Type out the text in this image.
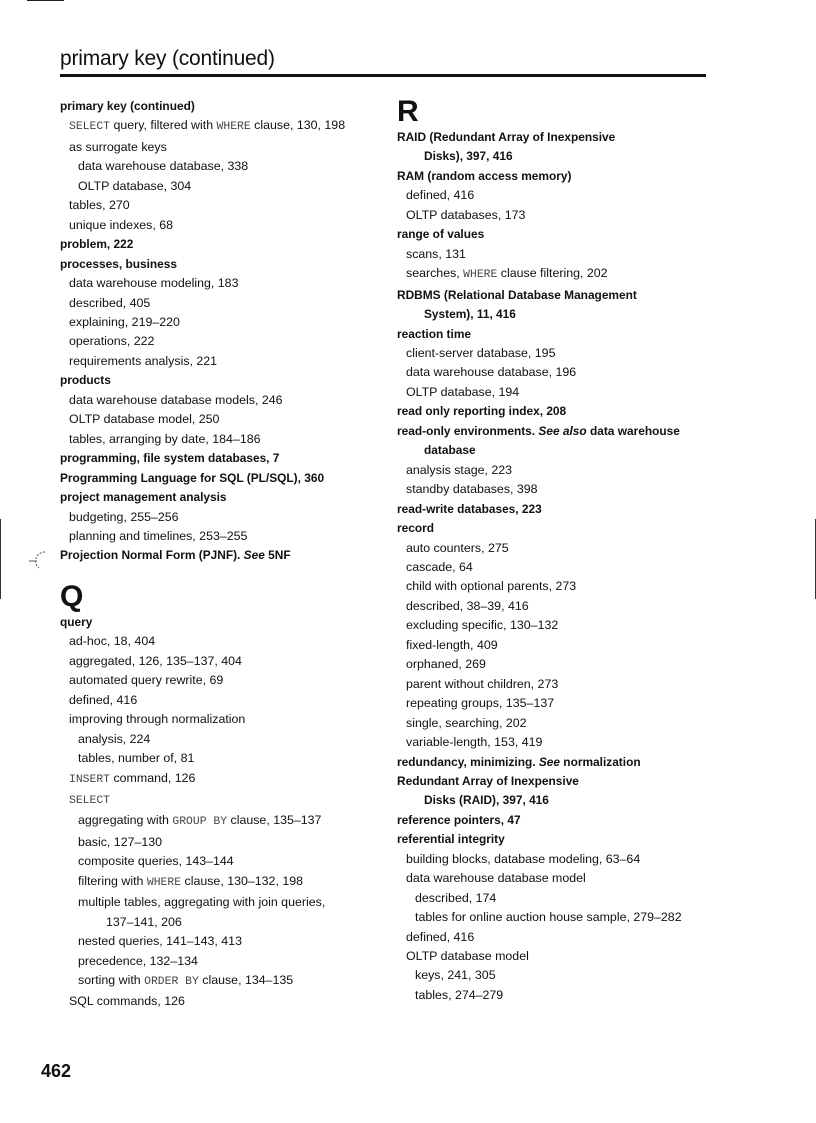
primary key (continued)
primary key (continued)
SELECT query, filtered with WHERE clause, 130, 198
as surrogate keys
data warehouse database, 338
OLTP database, 304
tables, 270
unique indexes, 68
problem, 222
processes, business
data warehouse modeling, 183
described, 405
explaining, 219–220
operations, 222
requirements analysis, 221
products
data warehouse database models, 246
OLTP database model, 250
tables, arranging by date, 184–186
programming, file system databases, 7
Programming Language for SQL (PL/SQL), 360
project management analysis
budgeting, 255–256
planning and timelines, 253–255
Projection Normal Form (PJNF). See 5NF
Q
query
ad-hoc, 18, 404
aggregated, 126, 135–137, 404
automated query rewrite, 69
defined, 416
improving through normalization
analysis, 224
tables, number of, 81
INSERT command, 126
SELECT
aggregating with GROUP BY clause, 135–137
basic, 127–130
composite queries, 143–144
filtering with WHERE clause, 130–132, 198
multiple tables, aggregating with join queries,
137–141, 206
nested queries, 141–143, 413
precedence, 132–134
sorting with ORDER BY clause, 134–135
SQL commands, 126
R
RAID (Redundant Array of Inexpensive
Disks), 397, 416
RAM (random access memory)
defined, 416
OLTP databases, 173
range of values
scans, 131
searches, WHERE clause filtering, 202
RDBMS (Relational Database Management
System), 11, 416
reaction time
client-server database, 195
data warehouse database, 196
OLTP database, 194
read only reporting index, 208
read-only environments. See also data warehouse
database
analysis stage, 223
standby databases, 398
read-write databases, 223
record
auto counters, 275
cascade, 64
child with optional parents, 273
described, 38–39, 416
excluding specific, 130–132
fixed-length, 409
orphaned, 269
parent without children, 273
repeating groups, 135–137
single, searching, 202
variable-length, 153, 419
redundancy, minimizing. See normalization
Redundant Array of Inexpensive
Disks (RAID), 397, 416
reference pointers, 47
referential integrity
building blocks, database modeling, 63–64
data warehouse database model
described, 174
tables for online auction house sample, 279–282
defined, 416
OLTP database model
keys, 241, 305
tables, 274–279
462
